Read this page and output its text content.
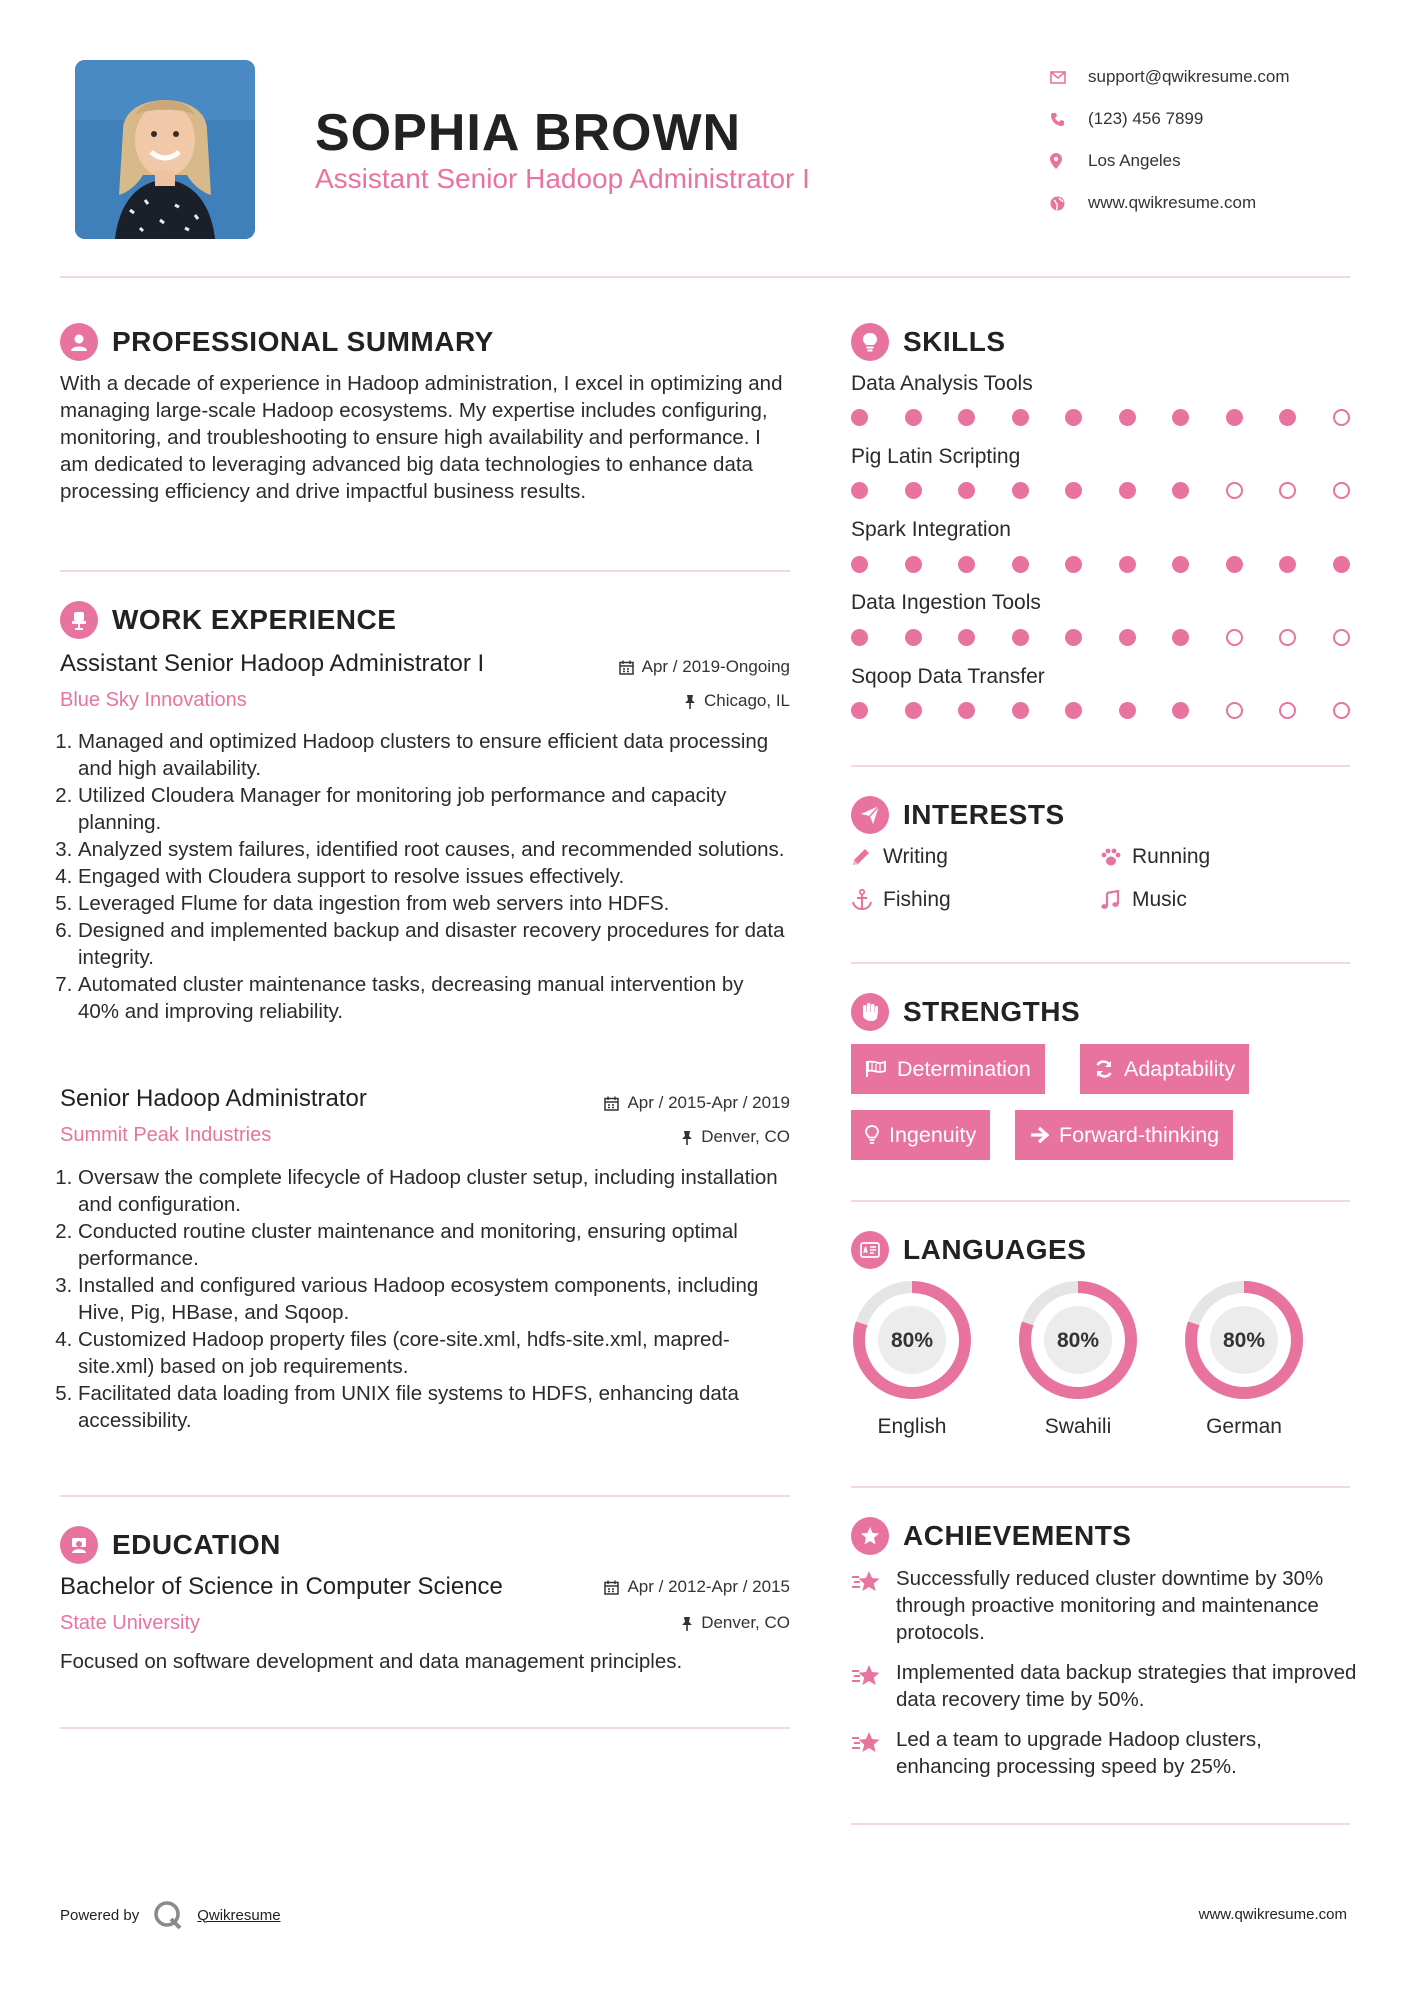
SOPHIA BROWN
Assistant Senior Hadoop Administrator I
support@qwikresume.com
(123) 456 7899
Los Angeles
www.qwikresume.com
PROFESSIONAL SUMMARY
With a decade of experience in Hadoop administration, I excel in optimizing and managing large-scale Hadoop ecosystems. My expertise includes configuring, monitoring, and troubleshooting to ensure high availability and performance. I am dedicated to leveraging advanced big data technologies to enhance data processing efficiency and drive impactful business results.
WORK EXPERIENCE
Assistant Senior Hadoop Administrator I	Apr / 2019-Ongoing
Blue Sky Innovations	Chicago, IL
1. Managed and optimized Hadoop clusters to ensure efficient data processing and high availability.
2. Utilized Cloudera Manager for monitoring job performance and capacity planning.
3. Analyzed system failures, identified root causes, and recommended solutions.
4. Engaged with Cloudera support to resolve issues effectively.
5. Leveraged Flume for data ingestion from web servers into HDFS.
6. Designed and implemented backup and disaster recovery procedures for data integrity.
7. Automated cluster maintenance tasks, decreasing manual intervention by 40% and improving reliability.
Senior Hadoop Administrator	Apr / 2015-Apr / 2019
Summit Peak Industries	Denver, CO
1. Oversaw the complete lifecycle of Hadoop cluster setup, including installation and configuration.
2. Conducted routine cluster maintenance and monitoring, ensuring optimal performance.
3. Installed and configured various Hadoop ecosystem components, including Hive, Pig, HBase, and Sqoop.
4. Customized Hadoop property files (core-site.xml, hdfs-site.xml, mapred-site.xml) based on job requirements.
5. Facilitated data loading from UNIX file systems to HDFS, enhancing data accessibility.
EDUCATION
Bachelor of Science in Computer Science	Apr / 2012-Apr / 2015
State University	Denver, CO
Focused on software development and data management principles.
SKILLS
Data Analysis Tools
Pig Latin Scripting
Spark Integration
Data Ingestion Tools
Sqoop Data Transfer
INTERESTS
Writing	Running
Fishing	Music
STRENGTHS
Determination	Adaptability
Ingenuity	Forward-thinking
LANGUAGES
80%
English
80%
Swahili
80%
German
ACHIEVEMENTS
Successfully reduced cluster downtime by 30% through proactive monitoring and maintenance protocols.
Implemented data backup strategies that improved data recovery time by 50%.
Led a team to upgrade Hadoop clusters, enhancing processing speed by 25%.
Powered by	Qwikresume	www.qwikresume.com
